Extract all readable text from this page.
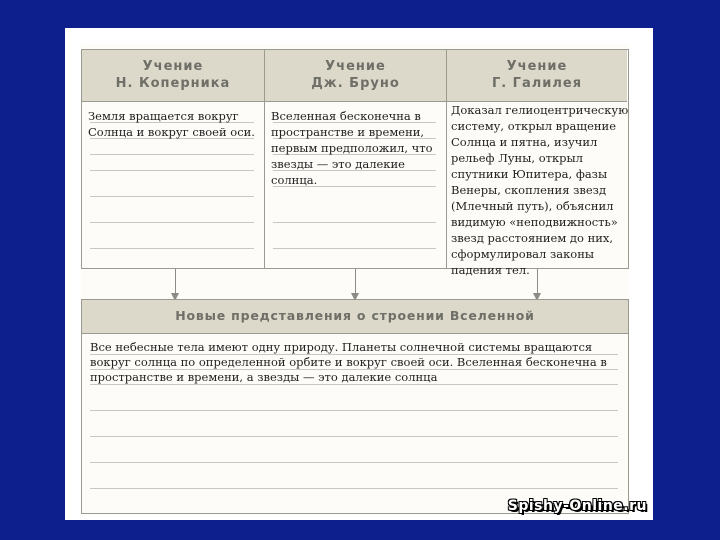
Учение
Н. Коперника
Земля вращается вокруг Солнца и вокруг своей оси.
Учение
Дж. Бруно
Вселенная бесконечна в пространстве и времени, первым предположил, что звезды — это далекие солнца.
Учение
Г. Галилея
Доказал гелиоцентрическую систему, открыл вращение Солнца и пятна, изучил рельеф Луны, открыл спутники Юпитера, фазы Венеры, скопления звезд (Млечный путь), объяснил видимую «неподвижность» звезд расстоянием до них, сформулировал законы падения тел.
Новые представления о строении Вселенной
Все небесные тела имеют одну природу. Планеты солнечной системы вращаются вокруг солнца по определенной орбите и вокруг своей оси. Вселенная бесконечна в пространстве и времени, а звезды — это далекие солнца
Spishy-Online.ru
